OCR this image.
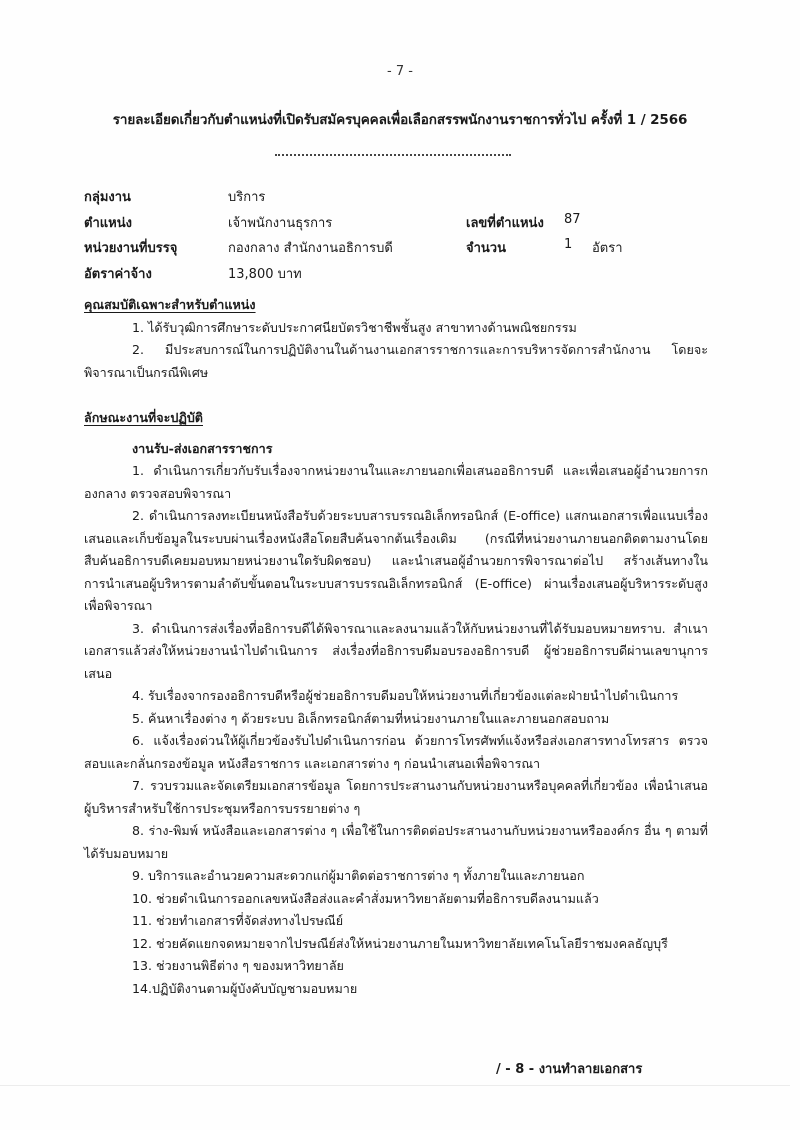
- 7 -
รายละเอียดเกี่ยวกับตำแหน่งที่เปิดรับสมัครบุคคลเพื่อเลือกสรรพนักงานราชการทั่วไป ครั้งที่ 1 / 2566
กลุ่มงาน	บริการ
ตำแหน่ง	เจ้าพนักงานธุรการ	เลขที่ตำแหน่ง 87
หน่วยงานที่บรรจุ	กองกลาง สำนักงานอธิการบดี	จำนวน	1 อัตรา
อัตราค่าจ้าง	13,800 บาท
คุณสมบัติเฉพาะสำหรับตำแหน่ง
1. ได้รับวุฒิการศึกษาระดับประกาศนียบัตรวิชาชีพชั้นสูง สาขาทางด้านพณิชยกรรม
2. มีประสบการณ์ในการปฏิบัติงานในด้านงานเอกสารราชการและการบริหารจัดการสำนักงาน โดยจะพิจารณาเป็นกรณีพิเศษ
ลักษณะงานที่จะปฏิบัติ
งานรับ-ส่งเอกสารราชการ
1. ดำเนินการเกี่ยวกับรับเรื่องจากหน่วยงานในและภายนอกเพื่อเสนออธิการบดี และเพื่อเสนอผู้อำนวยการกองกลาง ตรวจสอบพิจารณา
2. ดำเนินการลงทะเบียนหนังสือรับด้วยระบบสารบรรณอิเล็กทรอนิกส์ (E-office) แสกนเอกสารเพื่อแนบเรื่องเสนอและเก็บข้อมูลในระบบผ่านเรื่องหนังสือโดยสืบค้นจากต้นเรื่องเดิม (กรณีที่หน่วยงานภายนอกติดตามงานโดยสืบค้นอธิการบดีเคยมอบหมายหน่วยงานใดรับผิดชอบ) และนำเสนอผู้อำนวยการพิจารณาต่อไป สร้างเส้นทางในการนำเสนอผู้บริหารตามลำดับขั้นตอนในระบบสารบรรณอิเล็กทรอนิกส์ (E-office) ผ่านเรื่องเสนอผู้บริหารระดับสูงเพื่อพิจารณา
3. ดำเนินการส่งเรื่องที่อธิการบดีได้พิจารณาและลงนามแล้วให้กับหน่วยงานที่ได้รับมอบหมายทราบ. สำเนาเอกสารแล้วส่งให้หน่วยงานนำไปดำเนินการ ส่งเรื่องที่อธิการบดีมอบรองอธิการบดี ผู้ช่วยอธิการบดีผ่านเลขานุการเสนอ
4. รับเรื่องจากรองอธิการบดีหรือผู้ช่วยอธิการบดีมอบให้หน่วยงานที่เกี่ยวข้องแต่ละฝ่ายนำไปดำเนินการ
5. ค้นหาเรื่องต่าง ๆ ด้วยระบบ อิเล็กทรอนิกส์ตามที่หน่วยงานภายในและภายนอกสอบถาม
6. แจ้งเรื่องด่วนให้ผู้เกี่ยวข้องรับไปดำเนินการก่อน ด้วยการโทรศัพท์แจ้งหรือส่งเอกสารทางโทรสาร ตรวจสอบและกลั่นกรองข้อมูล หนังสือราชการ และเอกสารต่าง ๆ ก่อนนำเสนอเพื่อพิจารณา
7. รวบรวมและจัดเตรียมเอกสารข้อมูล โดยการประสานงานกับหน่วยงานหรือบุคคลที่เกี่ยวข้อง เพื่อนำเสนอผู้บริหารสำหรับใช้การประชุมหรือการบรรยายต่าง ๆ
8. ร่าง-พิมพ์ หนังสือและเอกสารต่าง ๆ เพื่อใช้ในการติดต่อประสานงานกับหน่วยงานหรือองค์กร อื่น ๆ ตามที่ได้รับมอบหมาย
9. บริการและอำนวยความสะดวกแก่ผู้มาติดต่อราชการต่าง ๆ ทั้งภายในและภายนอก
10. ช่วยดำเนินการออกเลขหนังสือส่งและคำสั่งมหาวิทยาลัยตามที่อธิการบดีลงนามแล้ว
11. ช่วยทำเอกสารที่จัดส่งทางไปรษณีย์
12. ช่วยคัดแยกจดหมายจากไปรษณีย์ส่งให้หน่วยงานภายในมหาวิทยาลัยเทคโนโลยีราชมงคลธัญบุรี
13. ช่วยงานพิธีต่าง ๆ ของมหาวิทยาลัย
14.ปฏิบัติงานตามผู้บังคับบัญชามอบหมาย
/ - 8 - งานทำลายเอกสาร
